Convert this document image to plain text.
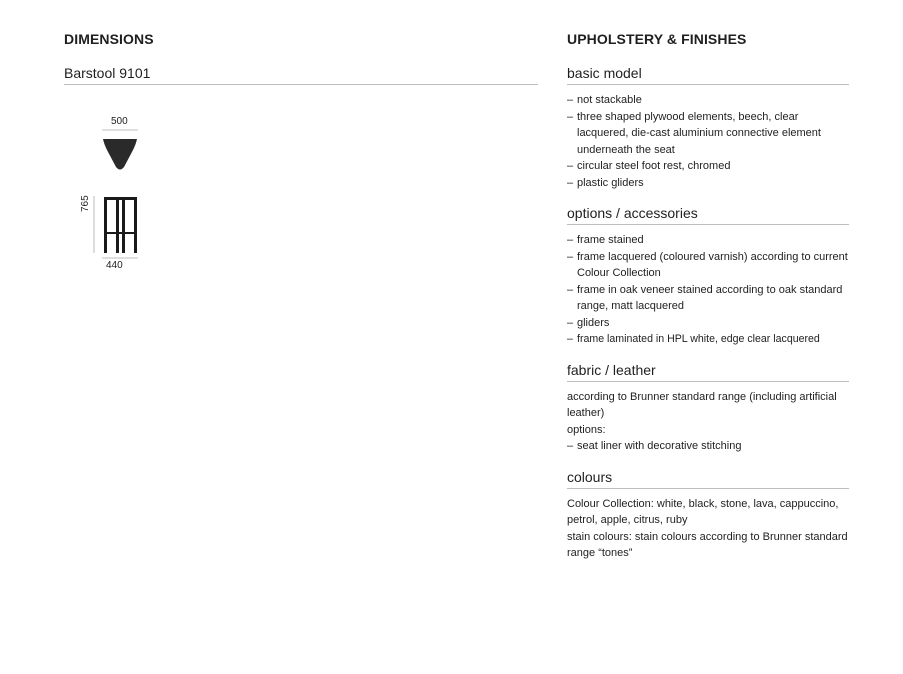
DIMENSIONS
Barstool 9101
500
440
765
UPHOLSTERY & FINISHES
basic model
– not stackable
– three shaped plywood elements, beech, clear lacquered, die-cast aluminium connective element underneath the seat
– circular steel foot rest, chromed
– plastic gliders
options / accessories
– frame stained
– frame lacquered (coloured varnish) according to current Colour Collection
– frame in oak veneer stained according to oak standard range, matt lacquered
– gliders
– frame laminated in HPL white, edge clear lacquered
fabric / leather

according to Brunner standard range (including artificial leather)

options:

– seat liner with decorative stitching
colours

Colour Collection: white, black, stone, lava, cappuccino, petrol, apple, citrus, ruby

stain colours: stain colours according to Brunner standard range “tones”
